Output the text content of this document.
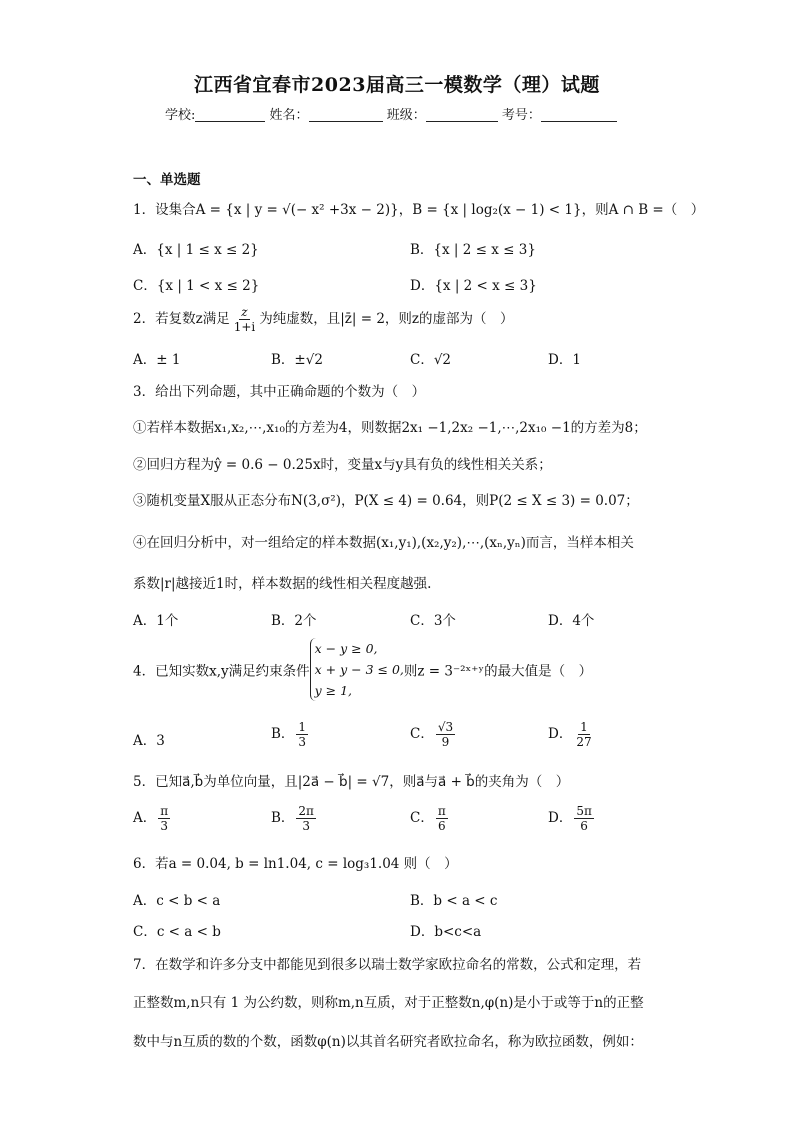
江西省宜春市2023届高三一模数学（理）试题
学校:	姓名：	班级：	考号：
一、单选题
1．设集合A = {x | y = √(− x² +3x − 2)}，B = {x | log₂(x − 1) < 1}，则A ∩ B =（　）
A．{x | 1 ≤ x ≤ 2}	B．{x | 2 ≤ x ≤ 3}
C．{x | 1 < x ≤ 2}	D．{x | 2 < x ≤ 3}
2．若复数z满足 $\frac{z}{1+i}$ 为纯虚数，且|z̄| = 2，则z的虚部为（　）
A．± 1	B．±√2	C．√2	D．1
3．给出下列命题，其中正确命题的个数为（　）
①若样本数据x₁,x₂,⋯,x₁₀的方差为4，则数据2x₁ −1,2x₂ −1,⋯,2x₁₀ −1的方差为8；
②回归方程为ŷ = 0.6 − 0.25x时，变量x与y具有负的线性相关关系；
③随机变量X服从正态分布N(3,σ²)，P(X ≤ 4) = 0.64，则P(2 ≤ X ≤ 3) = 0.07；
④在回归分析中，对一组给定的样本数据(x₁,y₁),(x₂,y₂),⋯,(xₙ,yₙ)而言，当样本相关
系数|r|越接近1时，样本数据的线性相关程度越强.
A．1个	B．2个	C．3个	D．4个
4．已知实数x,y满足约束条件
x − y ≥ 0,
x + y − 3 ≤ 0,
y ≥ 1,
则z = 3⁻²ˣ⁺ʸ的最大值是（　）
A．3	B． $\frac{1}{3}$	C． $\frac{√3}{9}$	D． $\frac{1}{27}$
5．已知a⃗,b⃗为单位向量，且|2a⃗ − b⃗| = √7，则a⃗与a⃗ + b⃗的夹角为（　）
A． $\frac{\pi}{3}$	B． $\frac{2\pi}{3}$	C． $\frac{\pi}{6}$	D． $\frac{5\pi}{6}$
6．若a = 0.04, b = ln1.04, c = log₃1.04 则（　）
A．c < b < a	B．b < a < c
C．c < a < b	D．b<c<a
7．在数学和许多分支中都能见到很多以瑞士数学家欧拉命名的常数，公式和定理，若
正整数m,n只有 1 为公约数，则称m,n互质，对于正整数n,φ(n)是小于或等于n的正整
数中与n互质的数的个数，函数φ(n)以其首名研究者欧拉命名，称为欧拉函数，例如：
